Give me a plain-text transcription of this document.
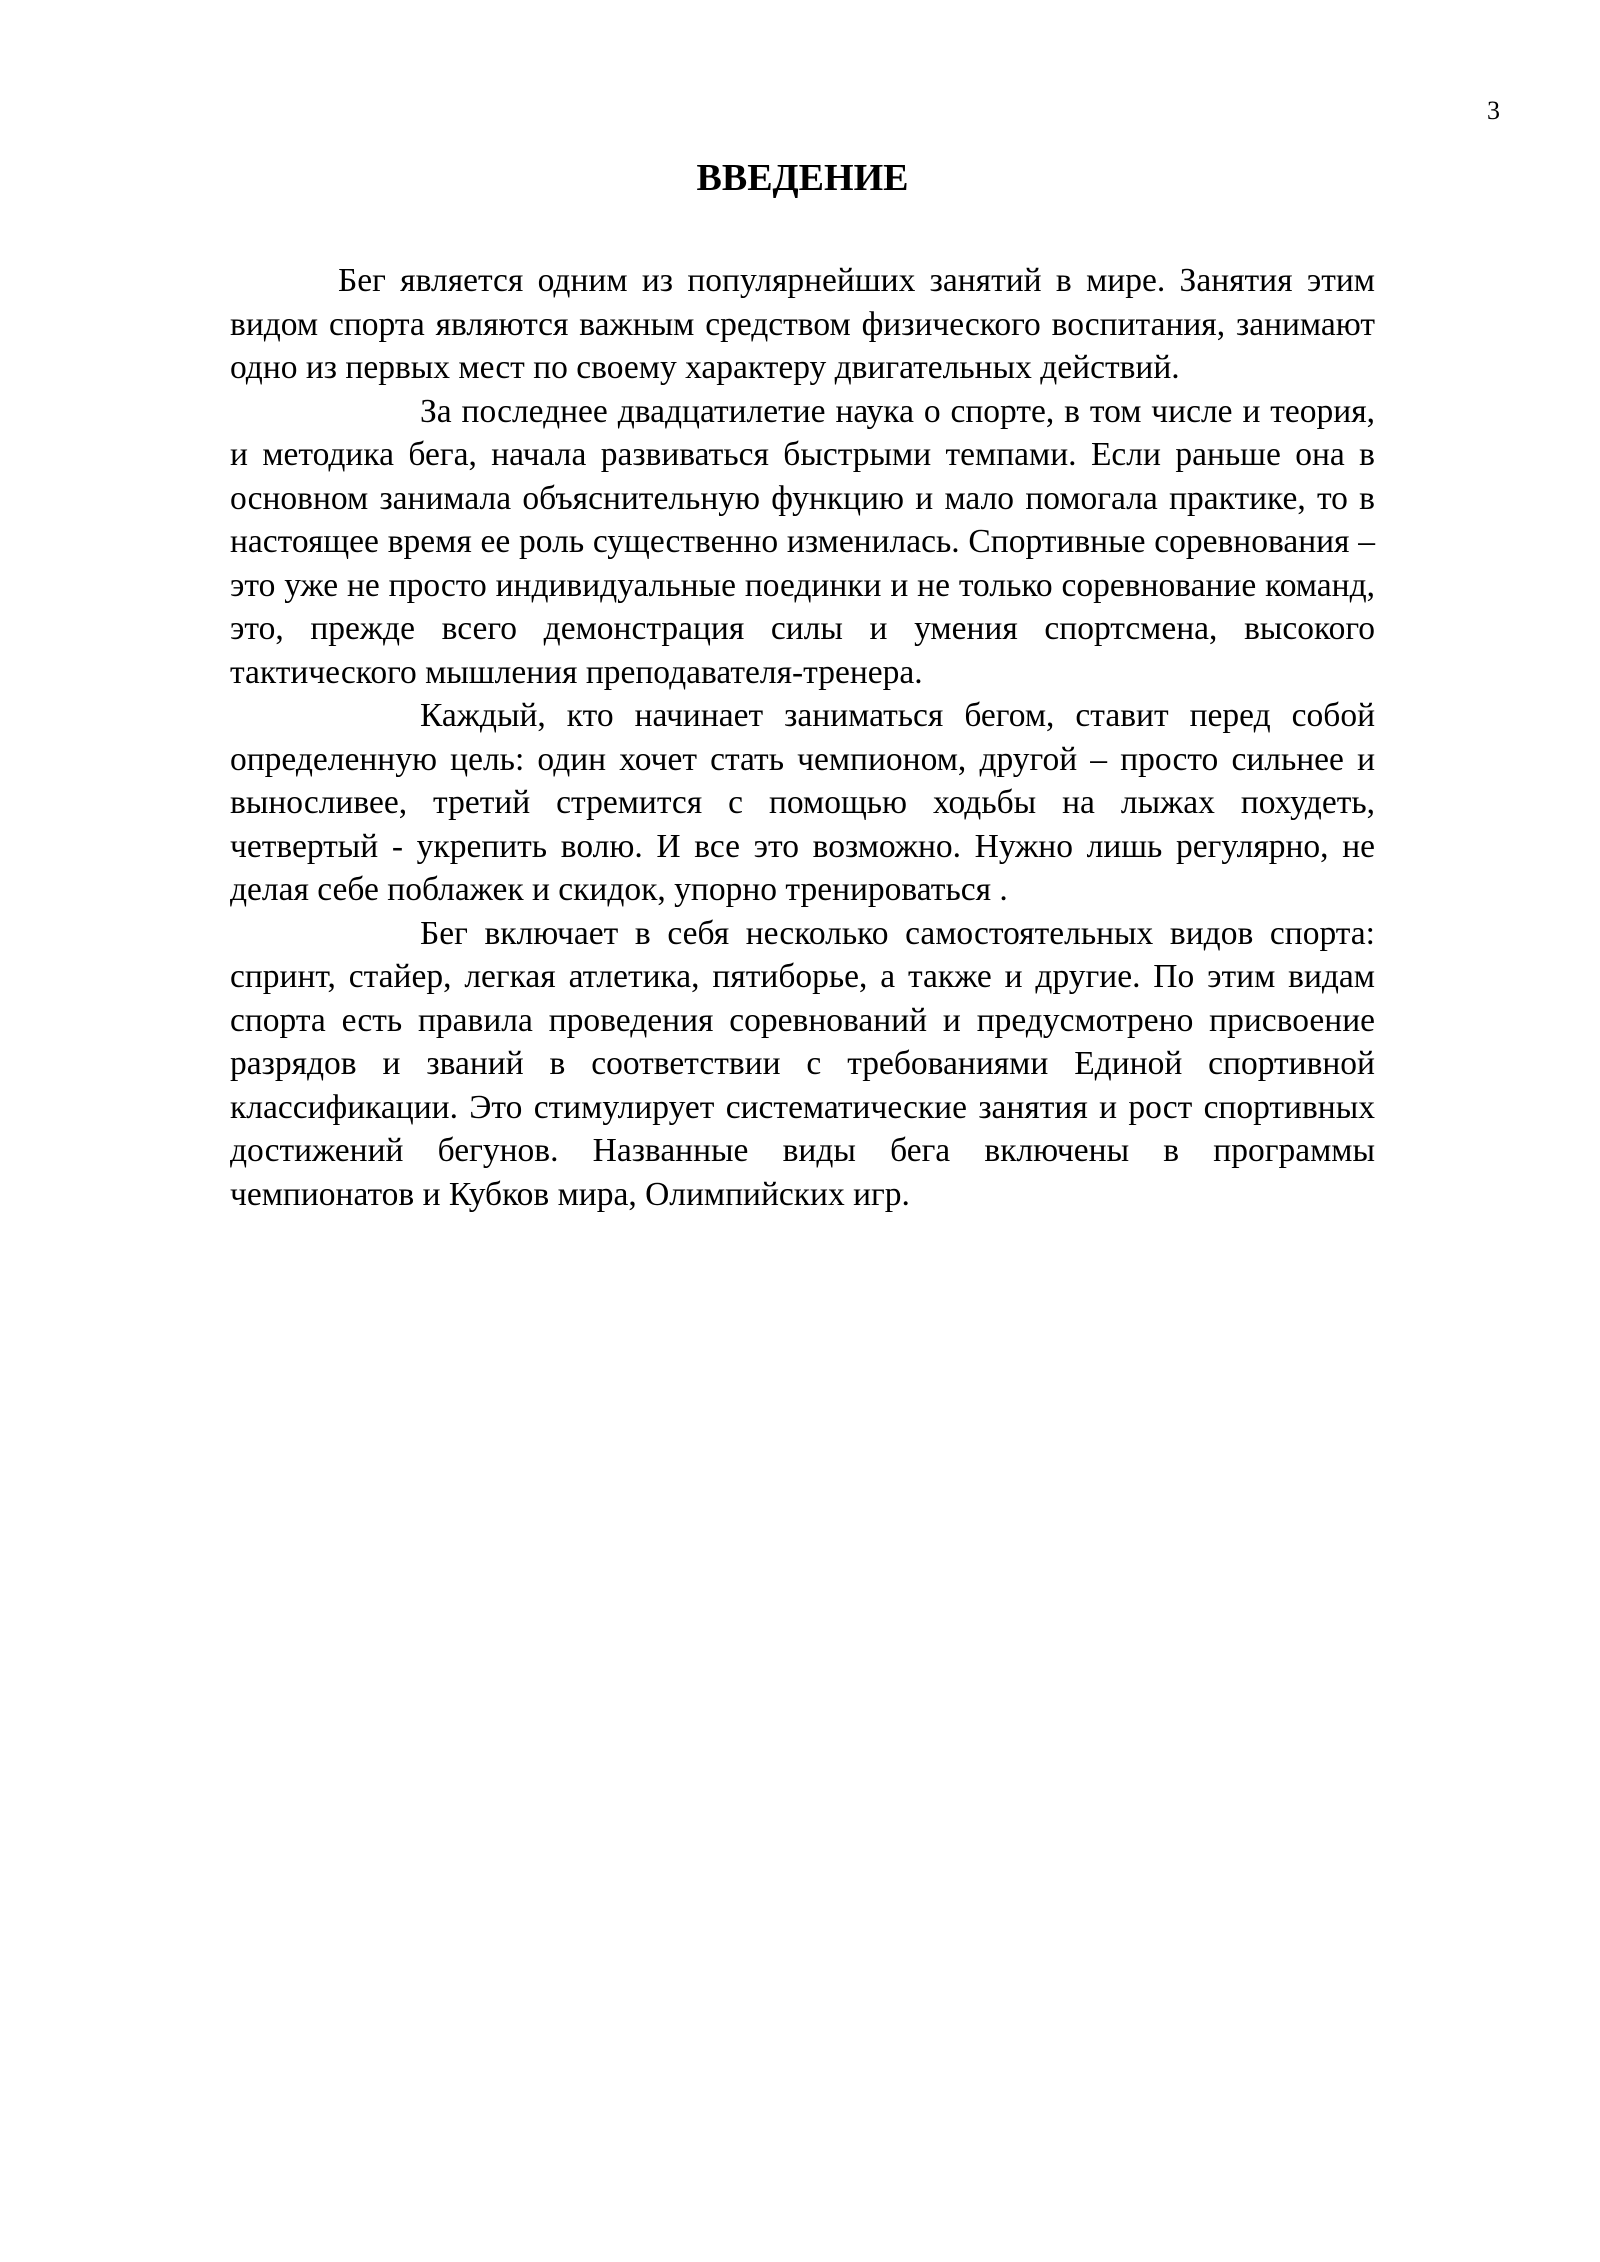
3
ВВЕДЕНИЕ

Бег является одним из популярнейших занятий в мире. Занятия этим видом спорта являются важным средством физического воспитания, занимают одно из первых мест по своему характеру двигательных действий.

За последнее двадцатилетие наука о спорте, в том числе и теория, и методика бега, начала развиваться быстрыми темпами. Если раньше она в основном занимала объяснительную функцию и мало помогала практике, то в настоящее время ее роль существенно изменилась. Спортивные соревнования – это уже не просто индивидуальные поединки и не только соревнование команд, это, прежде всего демонстрация силы и умения спортсмена, высокого тактического мышления преподавателя-тренера.

Каждый, кто начинает заниматься бегом, ставит перед собой определенную цель: один хочет стать чемпионом, другой – просто сильнее и выносливее, третий стремится с помощью ходьбы на лыжах похудеть, четвертый - укрепить волю. И все это возможно. Нужно лишь регулярно, не делая себе поблажек и скидок, упорно тренироваться .

Бег включает в себя несколько самостоятельных видов спорта: спринт, стайер, легкая атлетика, пятиборье, а также и другие. По этим видам спорта есть правила проведения соревнований и предусмотрено присвоение разрядов и званий в соответствии с требованиями Единой спортивной классификации. Это стимулирует систематические занятия и рост спортивных достижений бегунов. Названные виды бега включены в программы чемпионатов и Кубков мира, Олимпийских игр.
